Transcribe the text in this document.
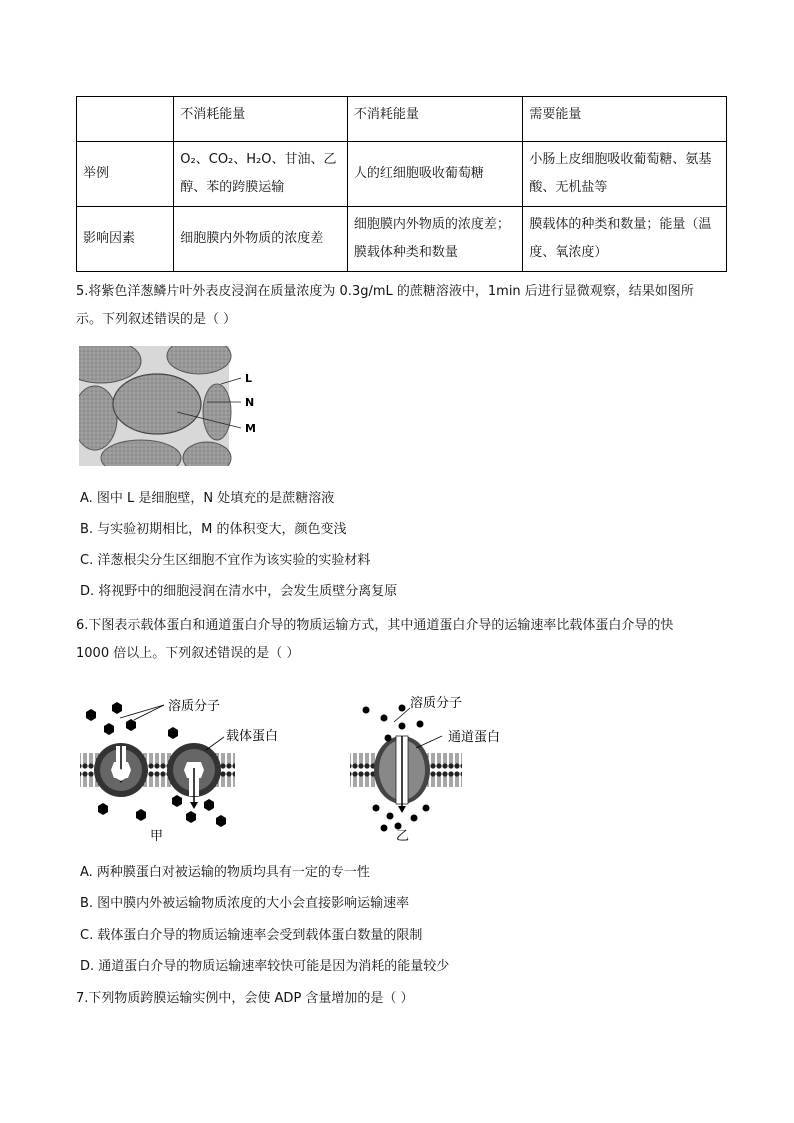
	不消耗能量	不消耗能量	需要能量
举例	O₂、CO₂、H₂O、甘油、乙
醇、苯的跨膜运输	人的红细胞吸收葡萄糖	小肠上皮细胞吸收葡萄糖、氨基
酸、无机盐等
影响因素	细胞膜内外物质的浓度差	细胞膜内外物质的浓度差；
膜载体种类和数量	膜载体的种类和数量；能量（温
度、氧浓度）
5.将紫色洋葱鳞片叶外表皮浸润在质量浓度为 0.3g/mL 的蔗糖溶液中，1min 后进行显微观察，结果如图所
示。下列叙述错误的是（ ）
L
N
M
A. 图中 L 是细胞壁，N 处填充的是蔗糖溶液
B. 与实验初期相比，M 的体积变大，颜色变浅
C. 洋葱根尖分生区细胞不宜作为该实验的实验材料
D. 将视野中的细胞浸润在清水中，会发生质壁分离复原
6.下图表示载体蛋白和通道蛋白介导的物质运输方式，其中通道蛋白介导的运输速率比载体蛋白介导的快
1000 倍以上。下列叙述错误的是（ ）
溶质分子
载体蛋白
甲
溶质分子
通道蛋白
乙
A. 两种膜蛋白对被运输的物质均具有一定的专一性
B. 图中膜内外被运输物质浓度的大小会直接影响运输速率
C. 载体蛋白介导的物质运输速率会受到载体蛋白数量的限制
D. 通道蛋白介导的物质运输速率较快可能是因为消耗的能量较少
7.下列物质跨膜运输实例中，会使 ADP 含量增加的是（ ）
